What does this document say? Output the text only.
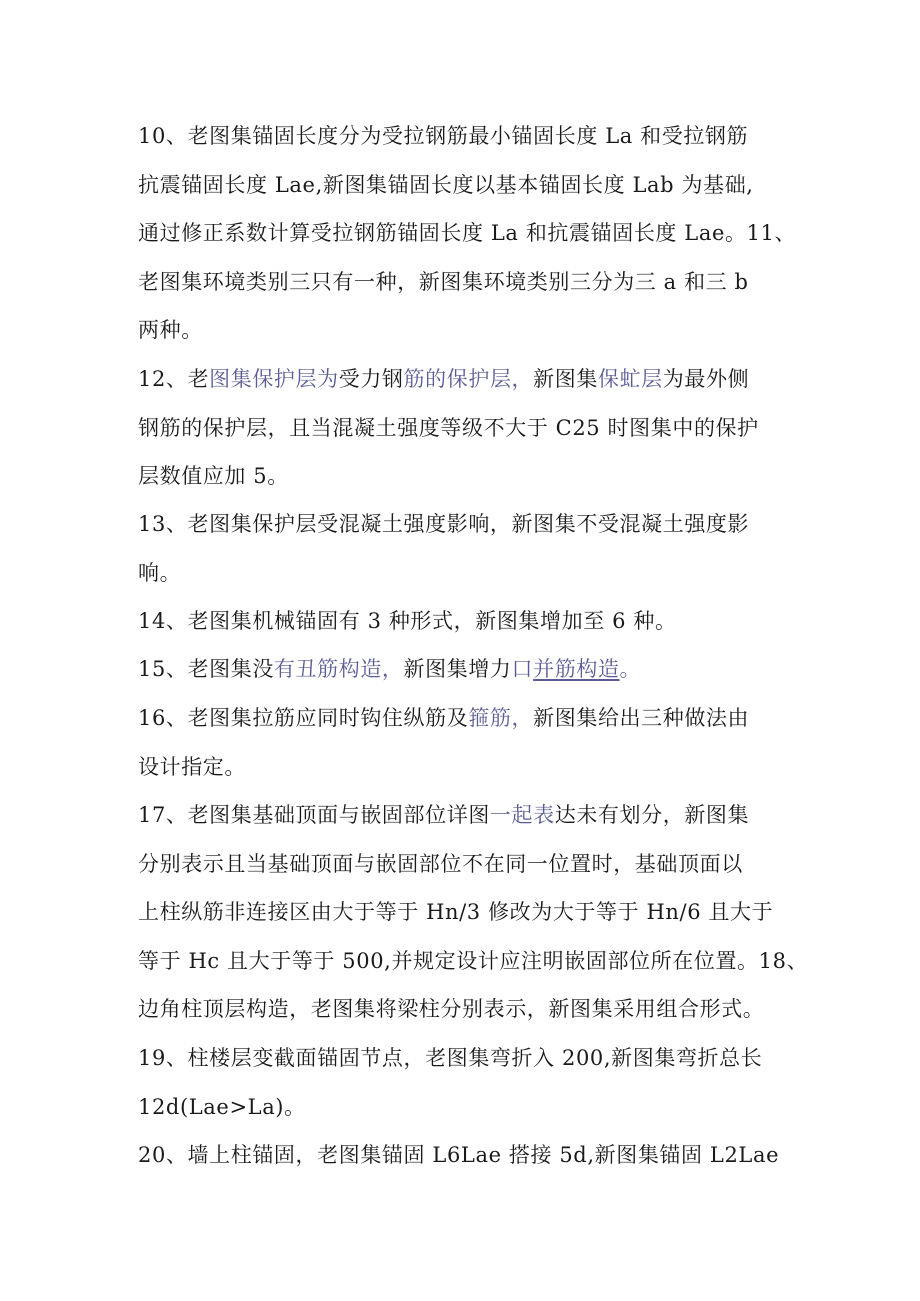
10、老图集锚固长度分为受拉钢筋最小锚固长度 La 和受拉钢筋
抗震锚固长度 Lae,新图集锚固长度以基本锚固长度 Lab 为基础,
通过修正系数计算受拉钢筋锚固长度 La 和抗震锚固长度 Lae。11、
老图集环境类别三只有一种，新图集环境类别三分为三 a 和三 b
两种。
12、老图集保护层为受力钢筋的保护层，新图集保虻层为最外侧
钢筋的保护层，且当混凝土强度等级不大于 C25 时图集中的保护
层数值应加 5。
13、老图集保护层受混凝土强度影响，新图集不受混凝土强度影
响。
14、老图集机械锚固有 3 种形式，新图集增加至 6 种。
15、老图集没有丑筋构造，新图集增力口并筋构造。
16、老图集拉筋应同时钩住纵筋及箍筋，新图集给出三种做法由
设计指定。
17、老图集基础顶面与嵌固部位详图一起表达未有划分，新图集
分别表示且当基础顶面与嵌固部位不在同一位置时，基础顶面以
上柱纵筋非连接区由大于等于 Hn/3 修改为大于等于 Hn/6 且大于
等于 Hc 且大于等于 500,并规定设计应注明嵌固部位所在位置。18、
边角柱顶层构造，老图集将梁柱分别表示，新图集采用组合形式。
19、柱楼层变截面锚固节点，老图集弯折入 200,新图集弯折总长
12d(Lae>La)。
20、墙上柱锚固，老图集锚固 L6Lae 搭接 5d,新图集锚固 L2Lae
